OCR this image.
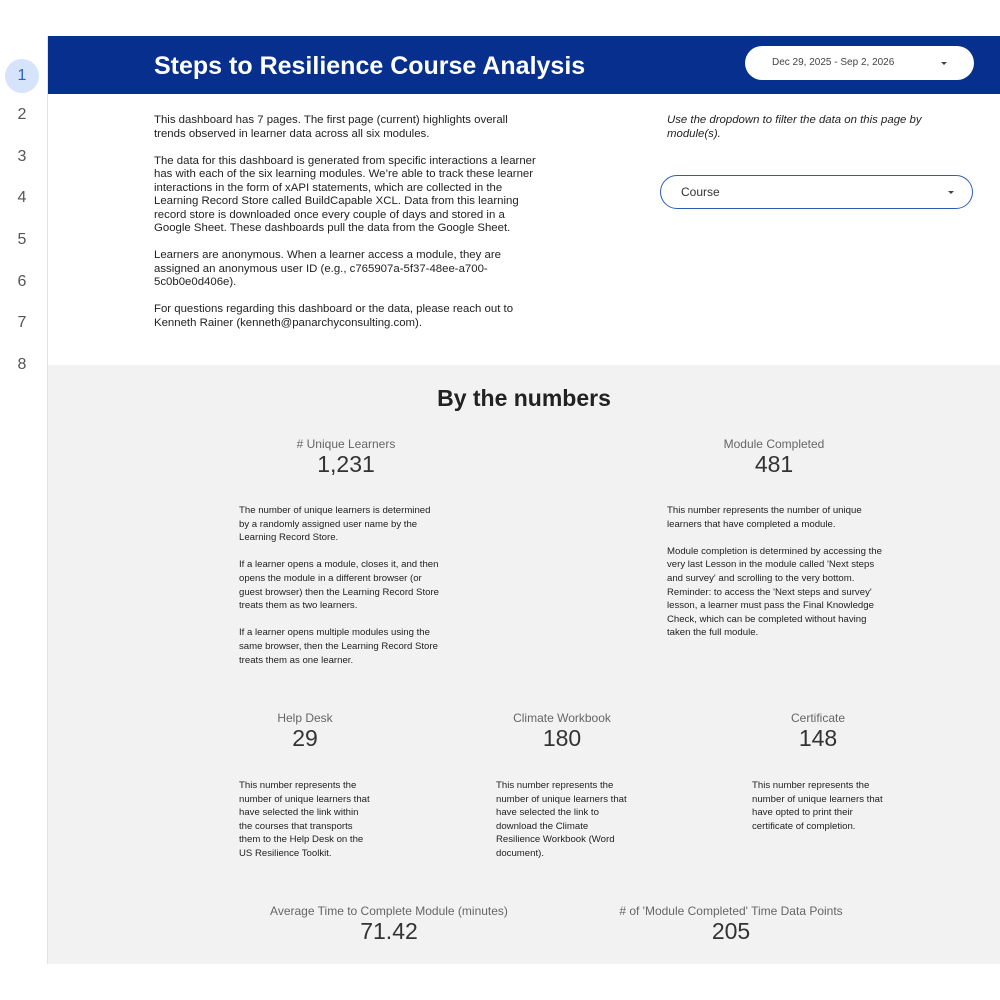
1
2
3
4
5
6
7
8
Steps to Resilience Course Analysis	Dec 29, 2025 - Sep 2, 2026

This dashboard has 7 pages. The first page (current) highlights overall trends observed in learner data across all six modules.

The data for this dashboard is generated from specific interactions a learner has with each of the six learning modules. We’re able to track these learner interactions in the form of xAPI statements, which are collected in the Learning Record Store called BuildCapable XCL. Data from this learning record store is downloaded once every couple of days and stored in a Google Sheet. These dashboards pull the data from the Google Sheet.

Learners are anonymous. When a learner access a module, they are assigned an anonymous user ID (e.g., c765907a-5f37-48ee-a700-5c0b0e0d406e).

For questions regarding this dashboard or the data, please reach out to Kenneth Rainer (kenneth@panarchyconsulting.com).

Use the dropdown to filter the data on this page by module(s).
Course
By the numbers
# Unique Learners
1,231
Module Completed
481

The number of unique learners is determined by a randomly assigned user name by the Learning Record Store.

If a learner opens a module, closes it, and then opens the module in a different browser (or guest browser) then the Learning Record Store treats them as two learners.

If a learner opens multiple modules using the same browser, then the Learning Record Store treats them as one learner.

This number represents the number of unique learners that have completed a module.

Module completion is determined by accessing the very last Lesson in the module called 'Next steps and survey' and scrolling to the very bottom. Reminder: to access the 'Next steps and survey' lesson, a learner must pass the Final Knowledge Check, which can be completed without having taken the full module.

Help Desk
29
Climate Workbook
180
Certificate
148
This number represents the number of unique learners that have selected the link within the courses that transports them to the Help Desk on the US Resilience Toolkit.
This number represents the number of unique learners that have selected the link to download the Climate Resilience Workbook (Word document).
This number represents the number of unique learners that have opted to print their certificate of completion.
Average Time to Complete Module (minutes)
71.42
# of 'Module Completed' Time Data Points
205
